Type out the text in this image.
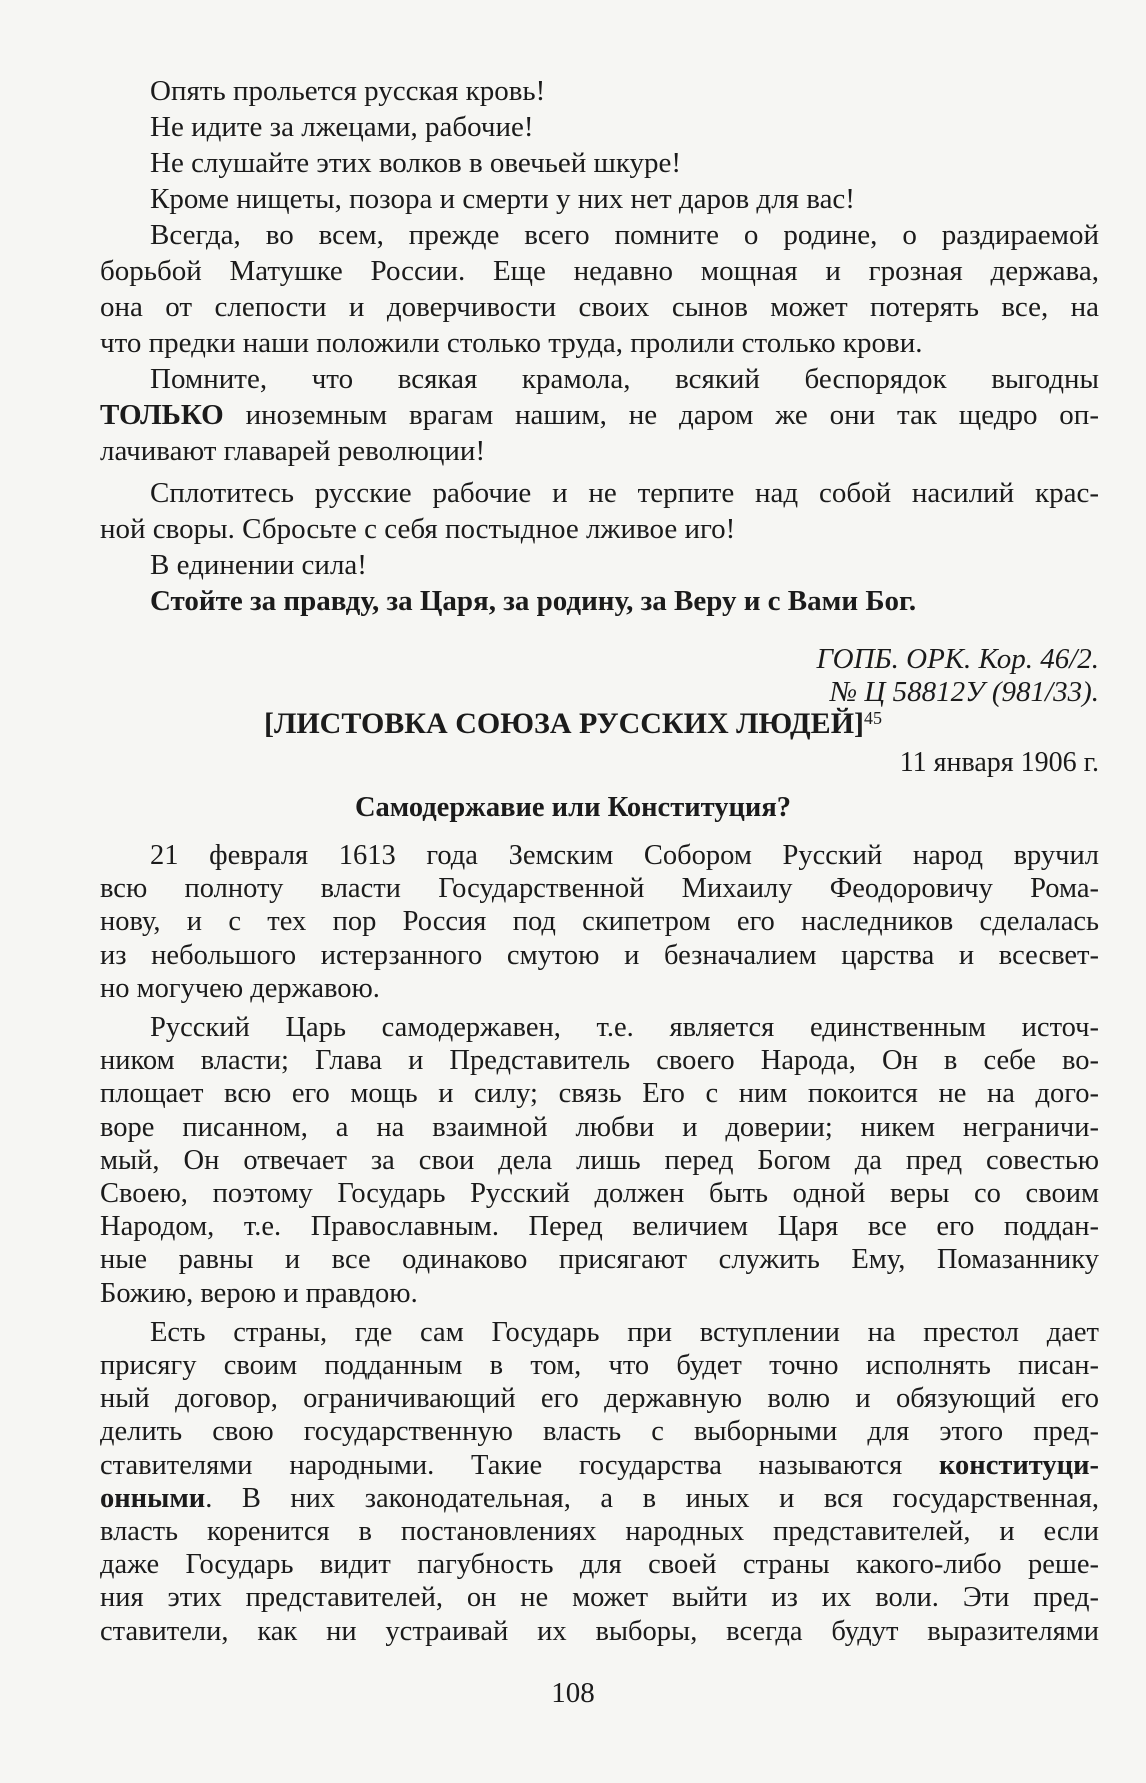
Опять прольется русская кровь!
Не идите за лжецами, рабочие!
Не слушайте этих волков в овечьей шкуре!
Кроме нищеты, позора и смерти у них нет даров для вас!
Всегда, во всем, прежде всего помните о родине, о раздираемой
борьбой Матушке России. Еще недавно мощная и грозная держава,
она от слепости и доверчивости своих сынов может потерять все, на
что предки наши положили столько труда, пролили столько крови.
Помните, что всякая крамола, всякий беспорядок выгодны
ТОЛЬКО иноземным врагам нашим, не даром же они так щедро оп-
лачивают главарей революции!
Сплотитесь русские рабочие и не терпите над собой насилий крас-
ной своры. Сбросьте с себя постыдное лживое иго!
В единении сила!
Стойте за правду, за Царя, за родину, за Веру и с Вами Бог.
ГОПБ. ОРК. Кор. 46/2.
№ Ц 58812У (981/33).
[ЛИСТОВКА СОЮЗА РУССКИХ ЛЮДЕЙ]$^{45}$
11 января 1906 г.
Самодержавие или Конституция?
21 февраля 1613 года Земским Собором Русский народ вручил
всю полноту власти Государственной Михаилу Феодоровичу Рома-
нову, и с тех пор Россия под скипетром его наследников сделалась
из небольшого истерзанного смутою и безначалием царства и всесвет-
но могучею державою.
Русский Царь самодержавен, т.е. является единственным источ-
ником власти; Глава и Представитель своего Народа, Он в себе во-
площает всю его мощь и силу; связь Его с ним покоится не на дого-
воре писанном, а на взаимной любви и доверии; никем неграничи-
мый, Он отвечает за свои дела лишь перед Богом да пред совестью
Своею, поэтому Государь Русский должен быть одной веры со своим
Народом, т.е. Православным. Перед величием Царя все его поддан-
ные равны и все одинаково присягают служить Ему, Помазаннику
Божию, верою и правдою.
Есть страны, где сам Государь при вступлении на престол дает
присягу своим подданным в том, что будет точно исполнять писан-
ный договор, ограничивающий его державную волю и обязующий его
делить свою государственную власть с выборными для этого пред-
ставителями народными. Такие государства называются конституци-
онными. В них законодательная, а в иных и вся государственная,
власть коренится в постановлениях народных представителей, и если
даже Государь видит пагубность для своей страны какого-либо реше-
ния этих представителей, он не может выйти из их воли. Эти пред-
ставители, как ни устраивай их выборы, всегда будут выразителями
108
